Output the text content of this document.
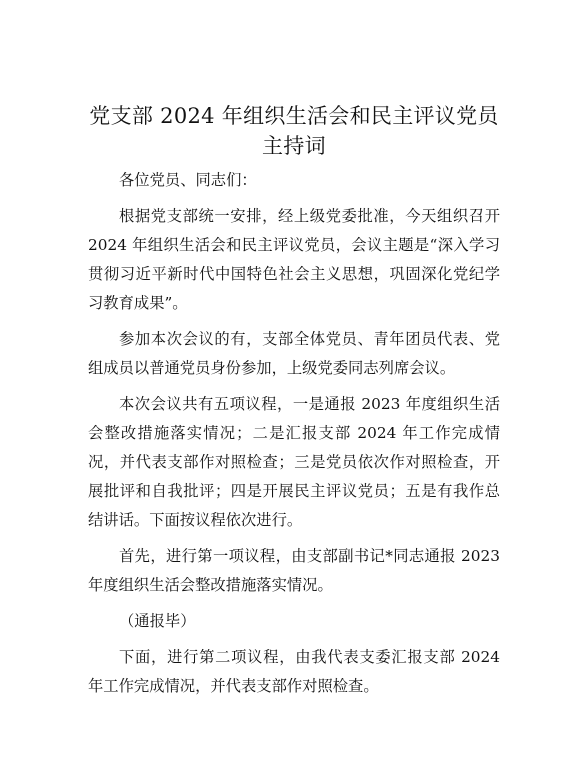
党支部 2024 年组织生活会和民主评议党员主持词

各位党员、同志们：

根据党支部统一安排，经上级党委批准，今天组织召开 2024 年组织生活会和民主评议党员，会议主题是“深入学习贯彻习近平新时代中国特色社会主义思想，巩固深化党纪学习教育成果”。

参加本次会议的有，支部全体党员、青年团员代表、党组成员以普通党员身份参加，上级党委同志列席会议。

本次会议共有五项议程，一是通报 2023 年度组织生活会整改措施落实情况；二是汇报支部 2024 年工作完成情况，并代表支部作对照检查；三是党员依次作对照检查，开展批评和自我批评；四是开展民主评议党员；五是有我作总结讲话。下面按议程依次进行。

首先，进行第一项议程，由支部副书记*同志通报 2023 年度组织生活会整改措施落实情况。

（通报毕）

下面，进行第二项议程，由我代表支委汇报支部 2024 年工作完成情况，并代表支部作对照检查。
